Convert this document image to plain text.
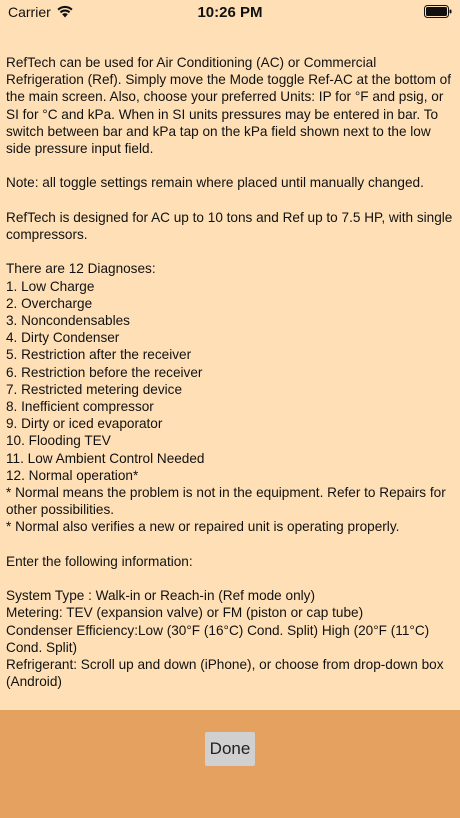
Carrier	10:26 PM

RefTech can be used for Air Conditioning (AC) or Commercial Refrigeration (Ref). Simply move the Mode toggle Ref-AC at the bottom of the main screen. Also, choose your preferred Units: IP for °F and psig, or SI for °C and kPa. When in SI units pressures may be entered in bar. To switch between bar and kPa tap on the kPa field shown next to the low side pressure input field.

Note: all toggle settings remain where placed until manually changed.

RefTech is designed for AC up to 10 tons and Ref up to 7.5 HP, with single compressors.

There are 12 Diagnoses:

1. Low Charge

2. Overcharge

3. Noncondensables

4. Dirty Condenser

5. Restriction after the receiver

6. Restriction before the receiver

7. Restricted metering device

8. Inefficient compressor

9. Dirty or iced evaporator

10. Flooding TEV

11. Low Ambient Control Needed

12. Normal operation*

* Normal means the problem is not in the equipment. Refer to Repairs for other possibilities.

* Normal also verifies a new or repaired unit is operating properly.

Enter the following information:

System Type : Walk-in or Reach-in (Ref mode only)

Metering: TEV (expansion valve) or FM (piston or cap tube)

Condenser Efficiency:Low (30°F (16°C) Cond. Split) High (20°F (11°C) Cond. Split)

Refrigerant: Scroll up and down (iPhone), or choose from drop-down box (Android)

Done
